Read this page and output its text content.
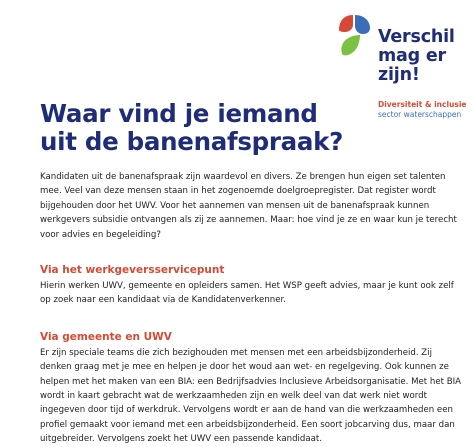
Verschil
mag er
zijn!

Diversiteit & inclusie

sector waterschappen

Waar vind je iemand
uit de banenafspraak?

Kandidaten uit de banenafspraak zijn waardevol en divers. Ze brengen hun eigen set talenten mee. Veel van deze mensen staan in het zogenoemde doelgroepregister. Dat register wordt bijgehouden door het UWV. Voor het aannemen van mensen uit de banenafspraak kunnen werkgevers subsidie ontvangen als zij ze aannemen. Maar: hoe vind je ze en waar kun je terecht voor advies en begeleiding?

Via het werkgeversservicepunt

Hierin werken UWV, gemeente en opleiders samen. Het WSP geeft advies, maar je kunt ook zelf op zoek naar een kandidaat via de Kandidatenverkenner.

Via gemeente en UWV

Er zijn speciale teams die zich bezighouden met mensen met een arbeidsbijzonderheid. Zij denken graag met je mee en helpen je door het woud aan wet- en regelgeving. Ook kunnen ze helpen met het maken van een BIA: een Bedrijfsadvies Inclusieve Arbeidsorganisatie. Met het BIA wordt in kaart gebracht wat de werkzaamheden zijn en welk deel van dat werk niet wordt ingegeven door tijd of werkdruk. Vervolgens wordt er aan de hand van die werkzaamheden een profiel gemaakt voor iemand met een arbeidsbijzonderheid. Een soort jobcarving dus, maar dan uitgebreider. Vervolgens zoekt het UWV een passende kandidaat.
